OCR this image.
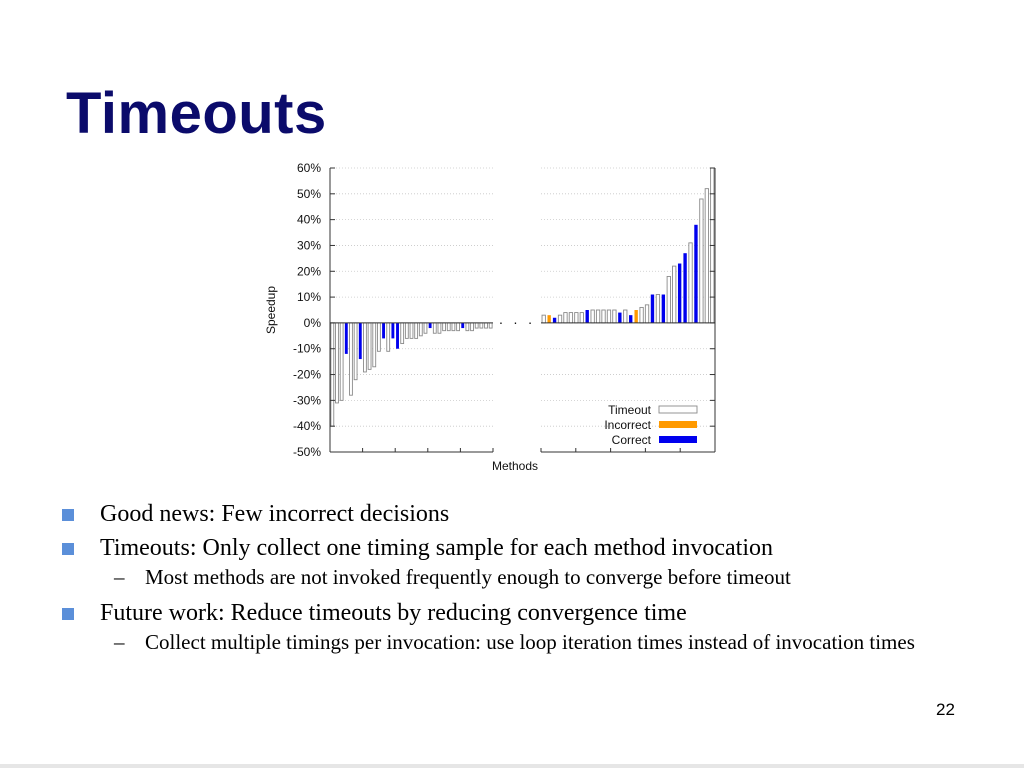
Timeouts
60%
50%
40%
30%
20%
10%
0%
-10%
-20%
-30%
-40%
-50%
Methods
Speedup	· · ·
Timeout
Incorrect
Correct
Good news: Few incorrect decisions
Timeouts: Only collect one timing sample for each method invocation
– Most methods are not invoked frequently enough to converge before timeout
Future work: Reduce timeouts by reducing convergence time
– Collect multiple timings per invocation: use loop iteration times instead of invocation times
22
